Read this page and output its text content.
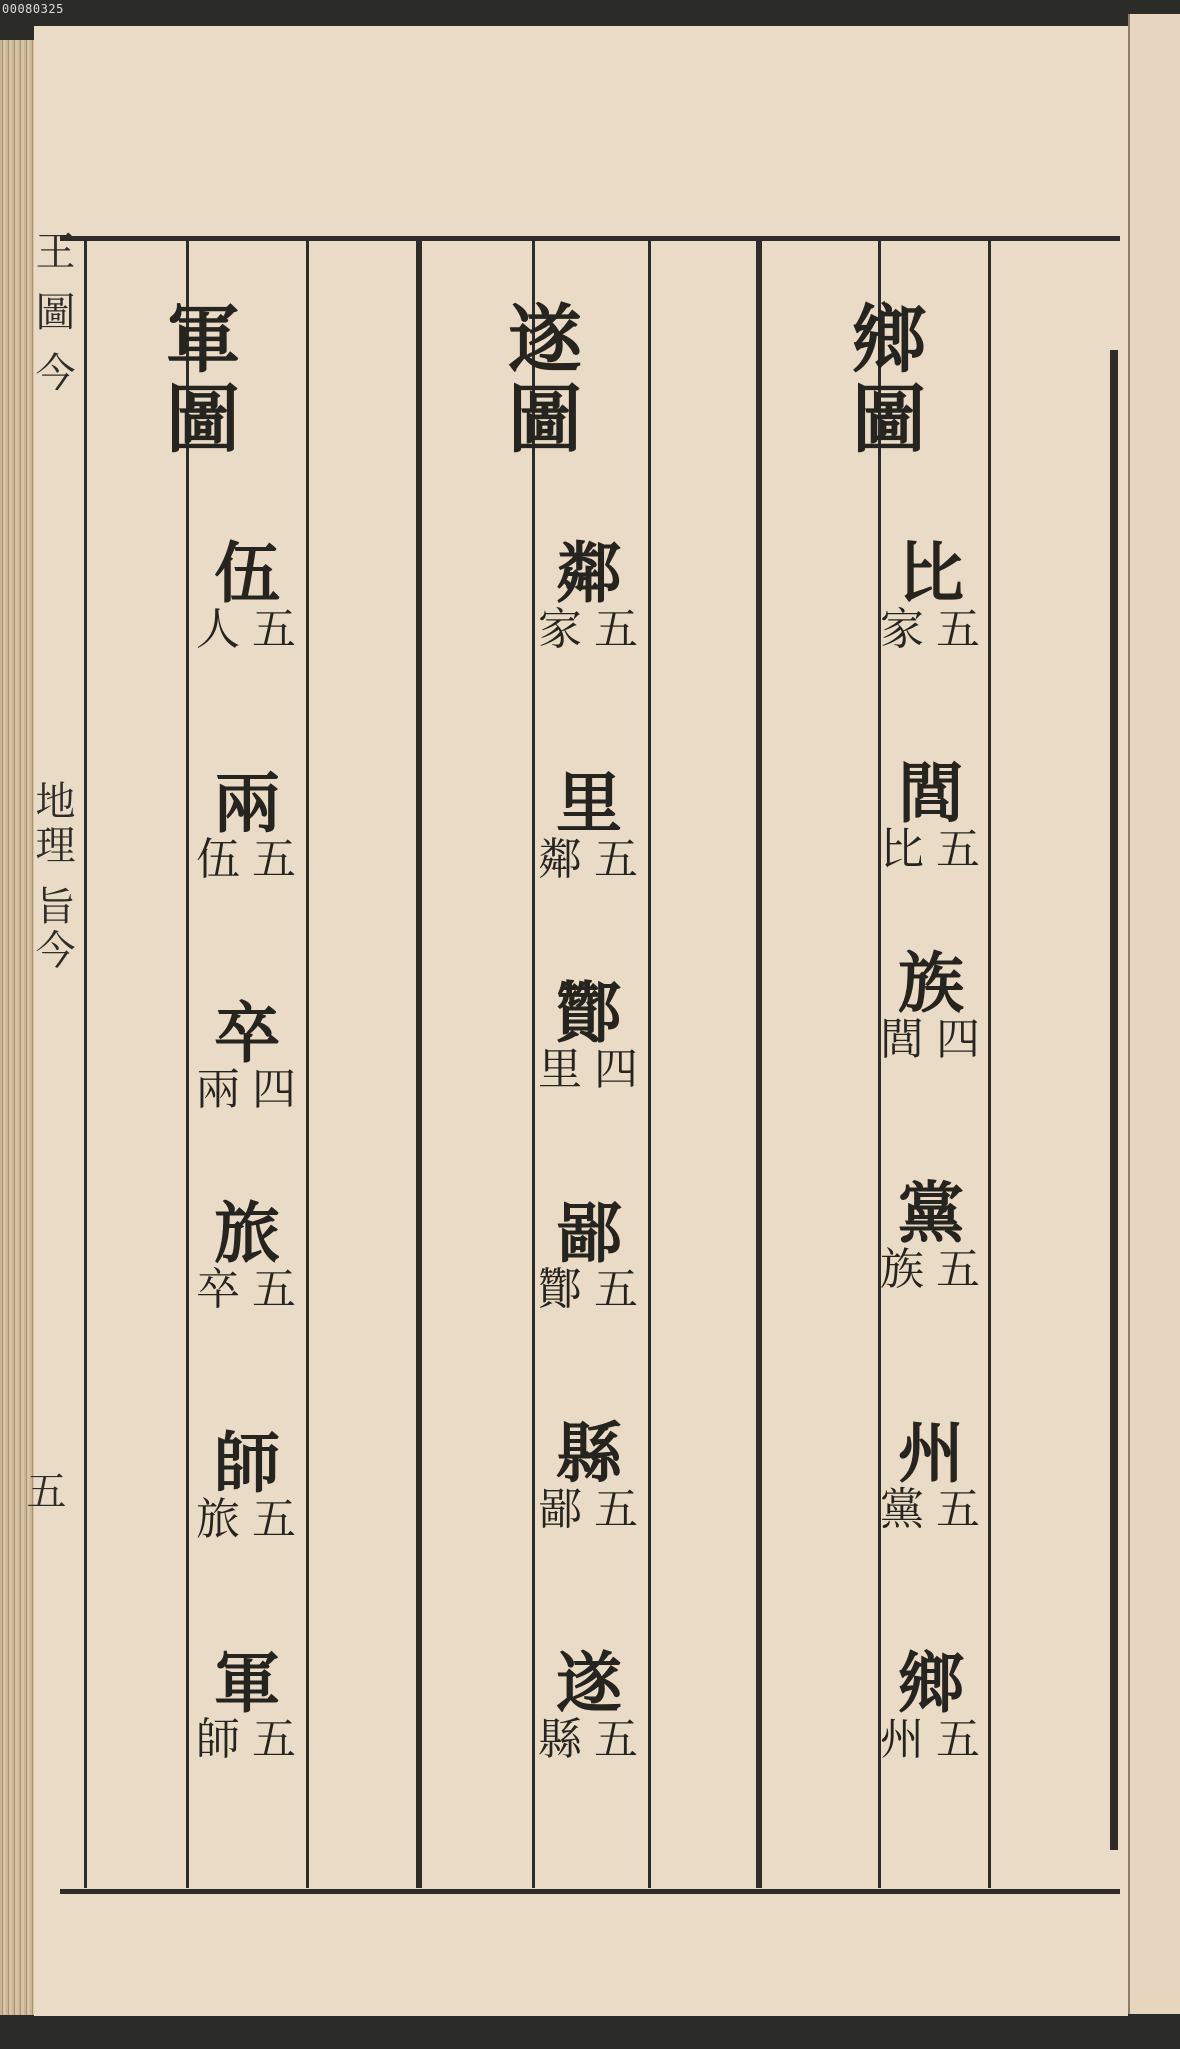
00080325
王 圖 今
地理 旨今
五
鄉圖
遂圖
軍圖
比
五
家
閭
五
比
族
四
閭
黨
五
族
州
五
黨
鄉
五
州
鄰
五
家
里
五
鄰
酇
四
里
鄙
五
酇
縣
五
鄙
遂
五
縣
伍
五
人
兩
五
伍
卒
四
兩
旅
五
卒
師
五
旅
軍
五
師
